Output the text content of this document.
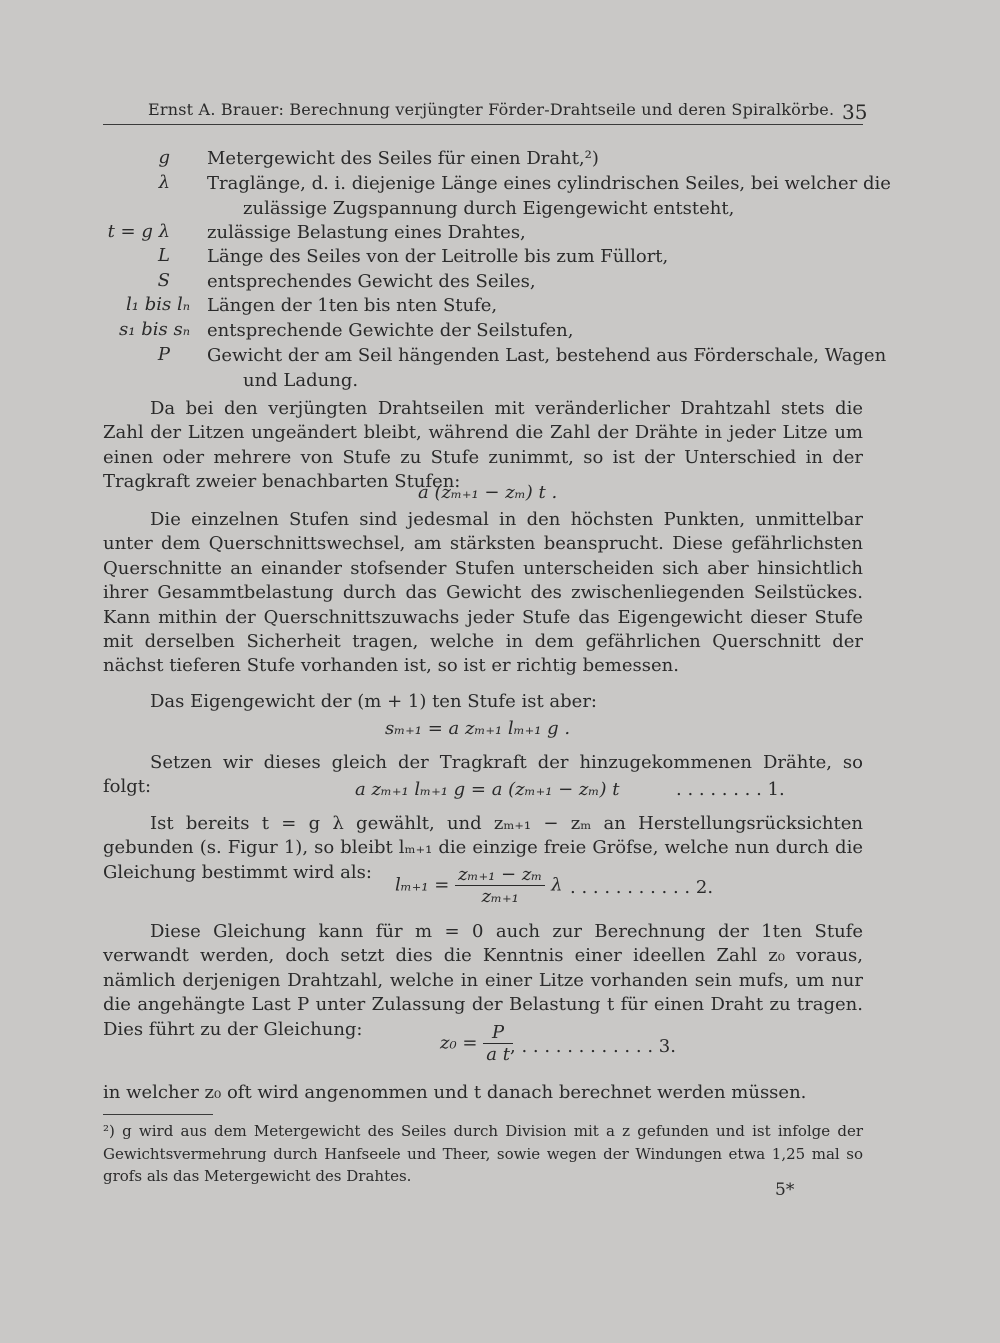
Ernst A. Brauer: Berechnung verjüngter Förder-Drahtseile und deren Spiralkörbe. 35
g Metergewicht des Seiles für einen Draht,²)
λ Traglänge, d. i. diejenige Länge eines cylindrischen Seiles, bei welcher die
zulässige Zugspannung durch Eigengewicht entsteht,
t = g λ zulässige Belastung eines Drahtes,
L Länge des Seiles von der Leitrolle bis zum Füllort,
S entsprechendes Gewicht des Seiles,
l₁ bis lₙ Längen der 1ten bis nten Stufe,
s₁ bis sₙ entsprechende Gewichte der Seilstufen,
P Gewicht der am Seil hängenden Last, bestehend aus Förderschale, Wagen
und Ladung.
Da bei den verjüngten Drahtseilen mit veränderlicher Drahtzahl stets die Zahl der Litzen ungeändert bleibt, während die Zahl der Drähte in jeder Litze um einen oder mehrere von Stufe zu Stufe zunimmt, so ist der Unterschied in der Tragkraft zweier benachbarten Stufen:
a (zₘ₊₁ − zₘ) t .
Die einzelnen Stufen sind jedesmal in den höchsten Punkten, unmittelbar unter dem Querschnittswechsel, am stärksten beansprucht. Diese gefährlichsten Querschnitte an einander stofsender Stufen unterscheiden sich aber hinsichtlich ihrer Gesammtbelastung durch das Gewicht des zwischenliegenden Seilstückes. Kann mithin der Querschnittszuwachs jeder Stufe das Eigengewicht dieser Stufe mit derselben Sicherheit tragen, welche in dem gefährlichen Querschnitt der nächst tieferen Stufe vorhanden ist, so ist er richtig bemessen.
Das Eigengewicht der (m + 1) ten Stufe ist aber:
sₘ₊₁ = a zₘ₊₁ lₘ₊₁ g .
Setzen wir dieses gleich der Tragkraft der hinzugekommenen Drähte, so folgt:	a zₘ₊₁ lₘ₊₁ g = a (zₘ₊₁ − zₘ) t	. . . . . . . . 1.
Ist bereits t = g λ gewählt, und zₘ₊₁ − zₘ an Herstellungsrücksichten gebunden (s. Figur 1), so bleibt lₘ₊₁ die einzige freie Gröfse, welche nun durch die Gleichung bestimmt wird als:
$l_{m+1} = \frac{\text{zₘ₊₁ − zₘ}}{\text{zₘ₊₁}}$ λ . . . . . . . . . . . 2.
Diese Gleichung kann für m = 0 auch zur Berechnung der 1ten Stufe verwandt werden, doch setzt dies die Kenntnis einer ideellen Zahl z₀ voraus, nämlich derjenigen Drahtzahl, welche in einer Litze vorhanden sein mufs, um nur die angehängte Last P unter Zulassung der Belastung t für einen Draht zu tragen. Dies führt zu der Gleichung:
$z_0 = \frac{P}{\text{a t}}$
, . . . . . . . . . . . . 3.
in welcher z₀ oft wird angenommen und t danach berechnet werden müssen.
²) g wird aus dem Metergewicht des Seiles durch Division mit a z gefunden und ist infolge der Gewichtsvermehrung durch Hanfseele und Theer, sowie wegen der Windungen etwa 1,25 mal so grofs als das Metergewicht des Drahtes.
5*
